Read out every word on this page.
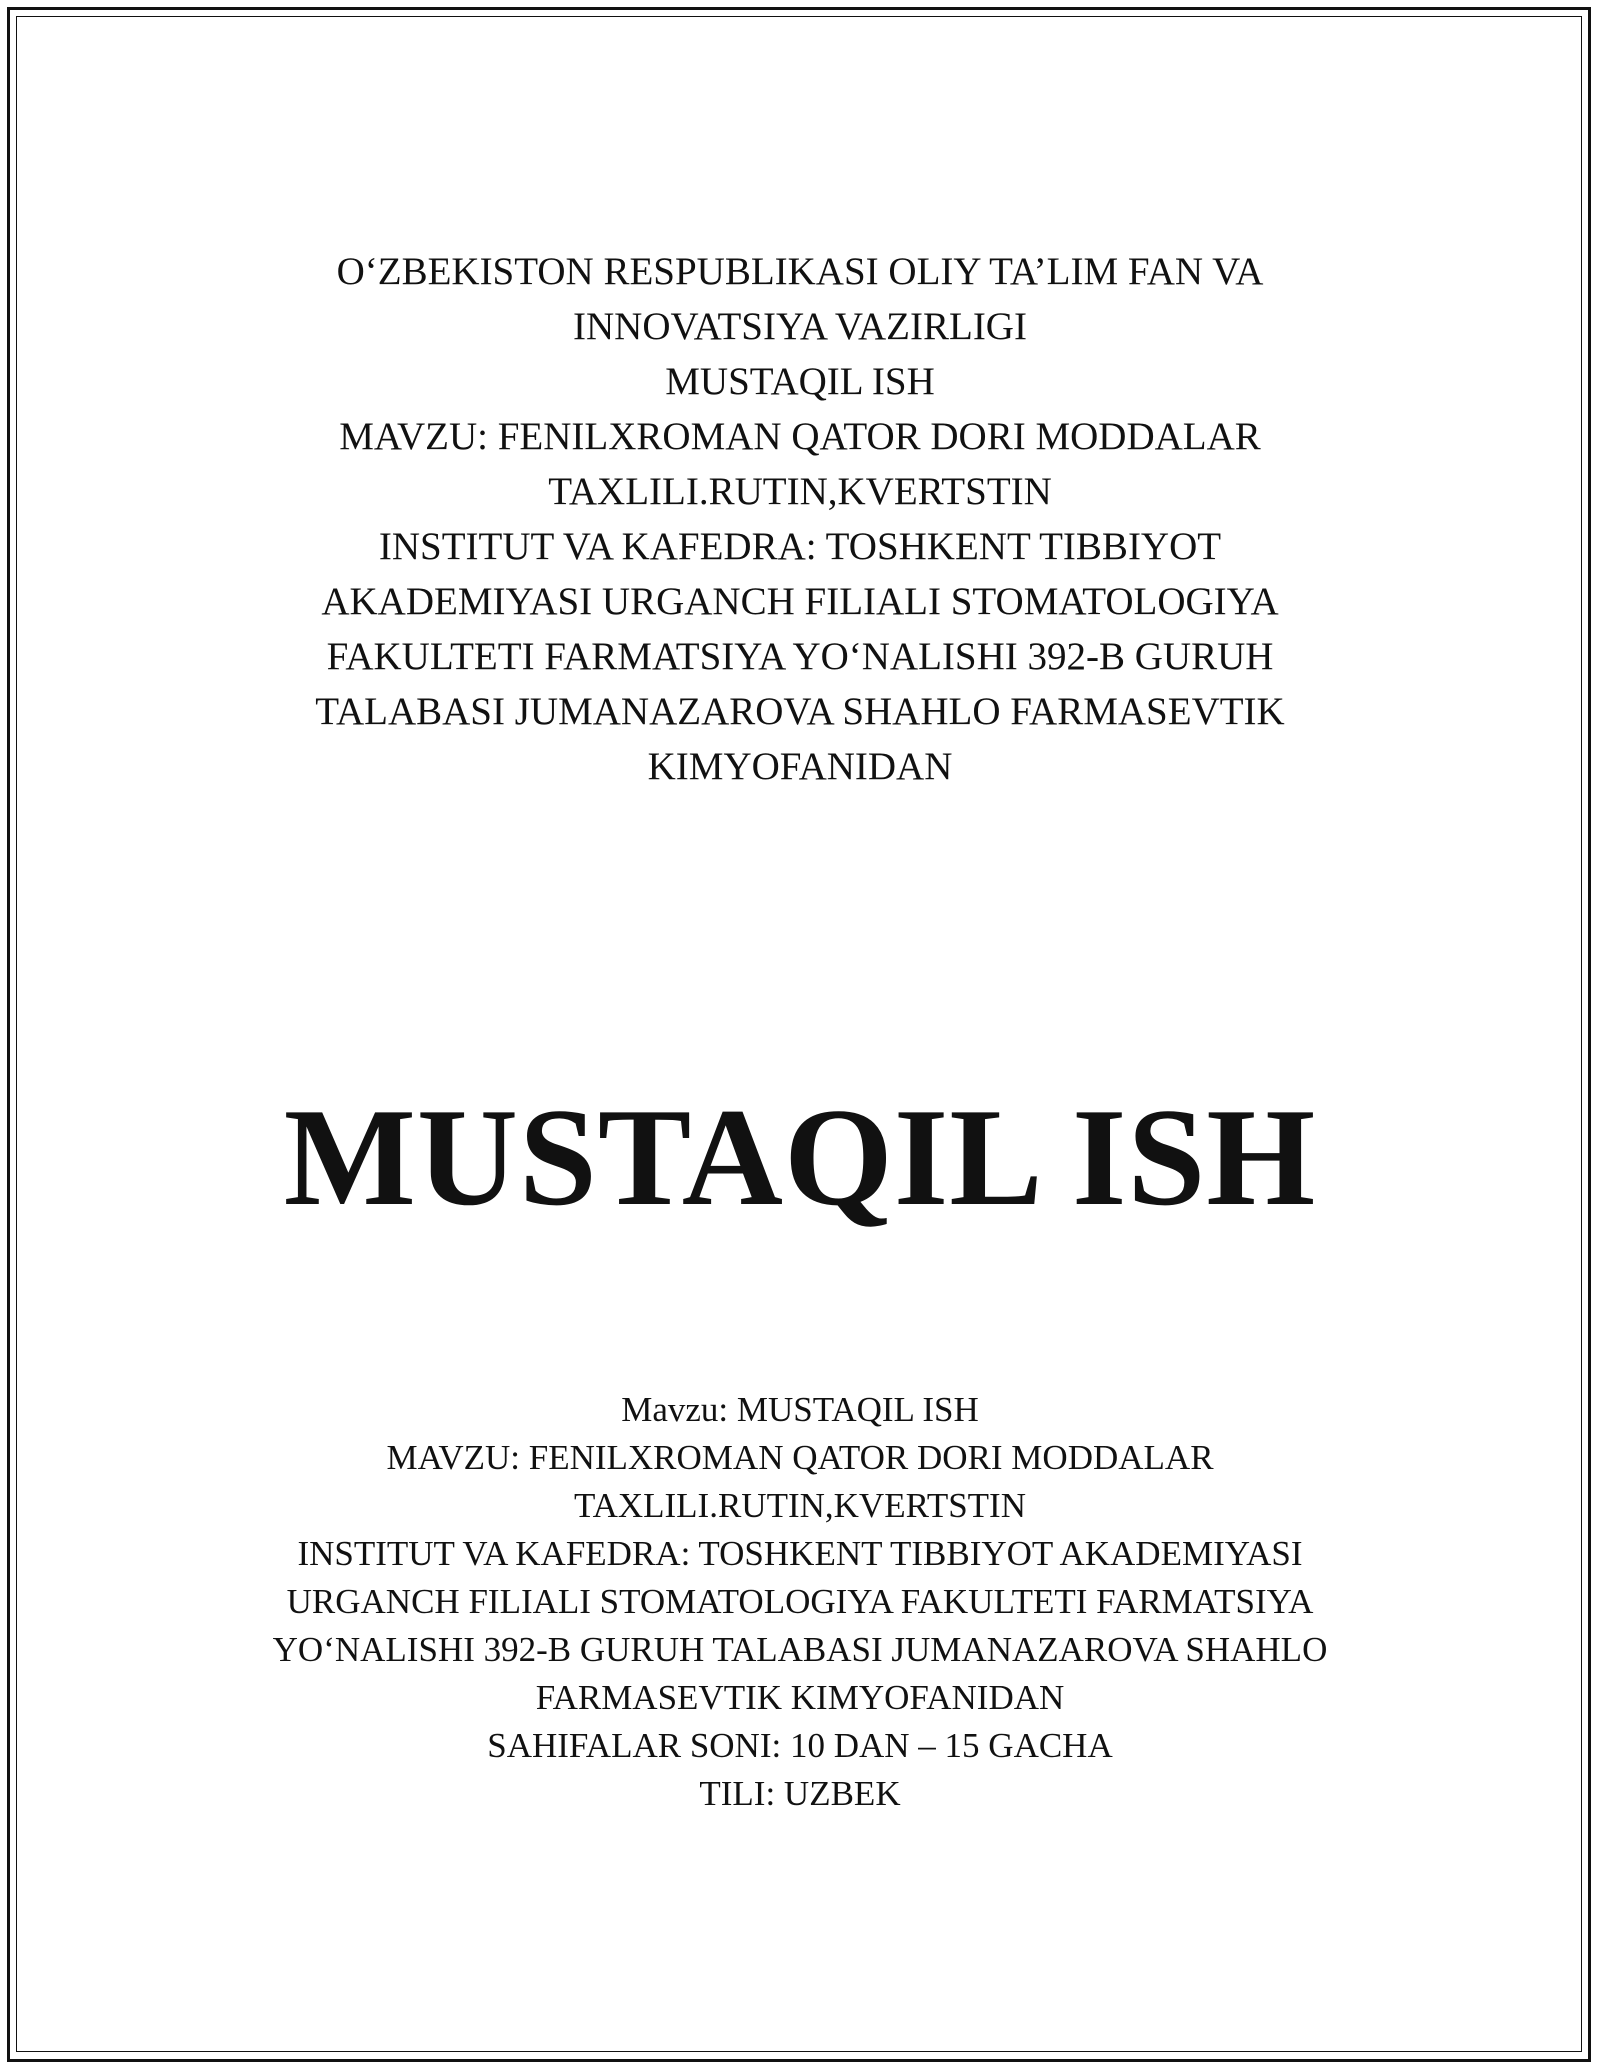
O‘ZBEKISTON RESPUBLIKASI OLIY TA’LIM FAN VA
INNOVATSIYA VAZIRLIGI
MUSTAQIL ISH
MAVZU: FENILXROMAN QATOR DORI MODDALAR
TAXLILI.RUTIN,KVERTSTIN
INSTITUT VA KAFEDRA: TOSHKENT TIBBIYOT
AKADEMIYASI URGANCH FILIALI STOMATOLOGIYA
FAKULTETI FARMATSIYA YO‘NALISHI 392-B GURUH
TALABASI JUMANAZAROVA SHAHLO FARMASEVTIK
KIMYOFANIDAN
MUSTAQIL ISH
Mavzu: MUSTAQIL ISH
MAVZU: FENILXROMAN QATOR DORI MODDALAR
TAXLILI.RUTIN,KVERTSTIN
INSTITUT VA KAFEDRA: TOSHKENT TIBBIYOT AKADEMIYASI
URGANCH FILIALI STOMATOLOGIYA FAKULTETI FARMATSIYA
YO‘NALISHI 392-B GURUH TALABASI JUMANAZAROVA SHAHLO
FARMASEVTIK KIMYOFANIDAN
SAHIFALAR SONI: 10 DAN – 15 GACHA
TILI: UZBEK
